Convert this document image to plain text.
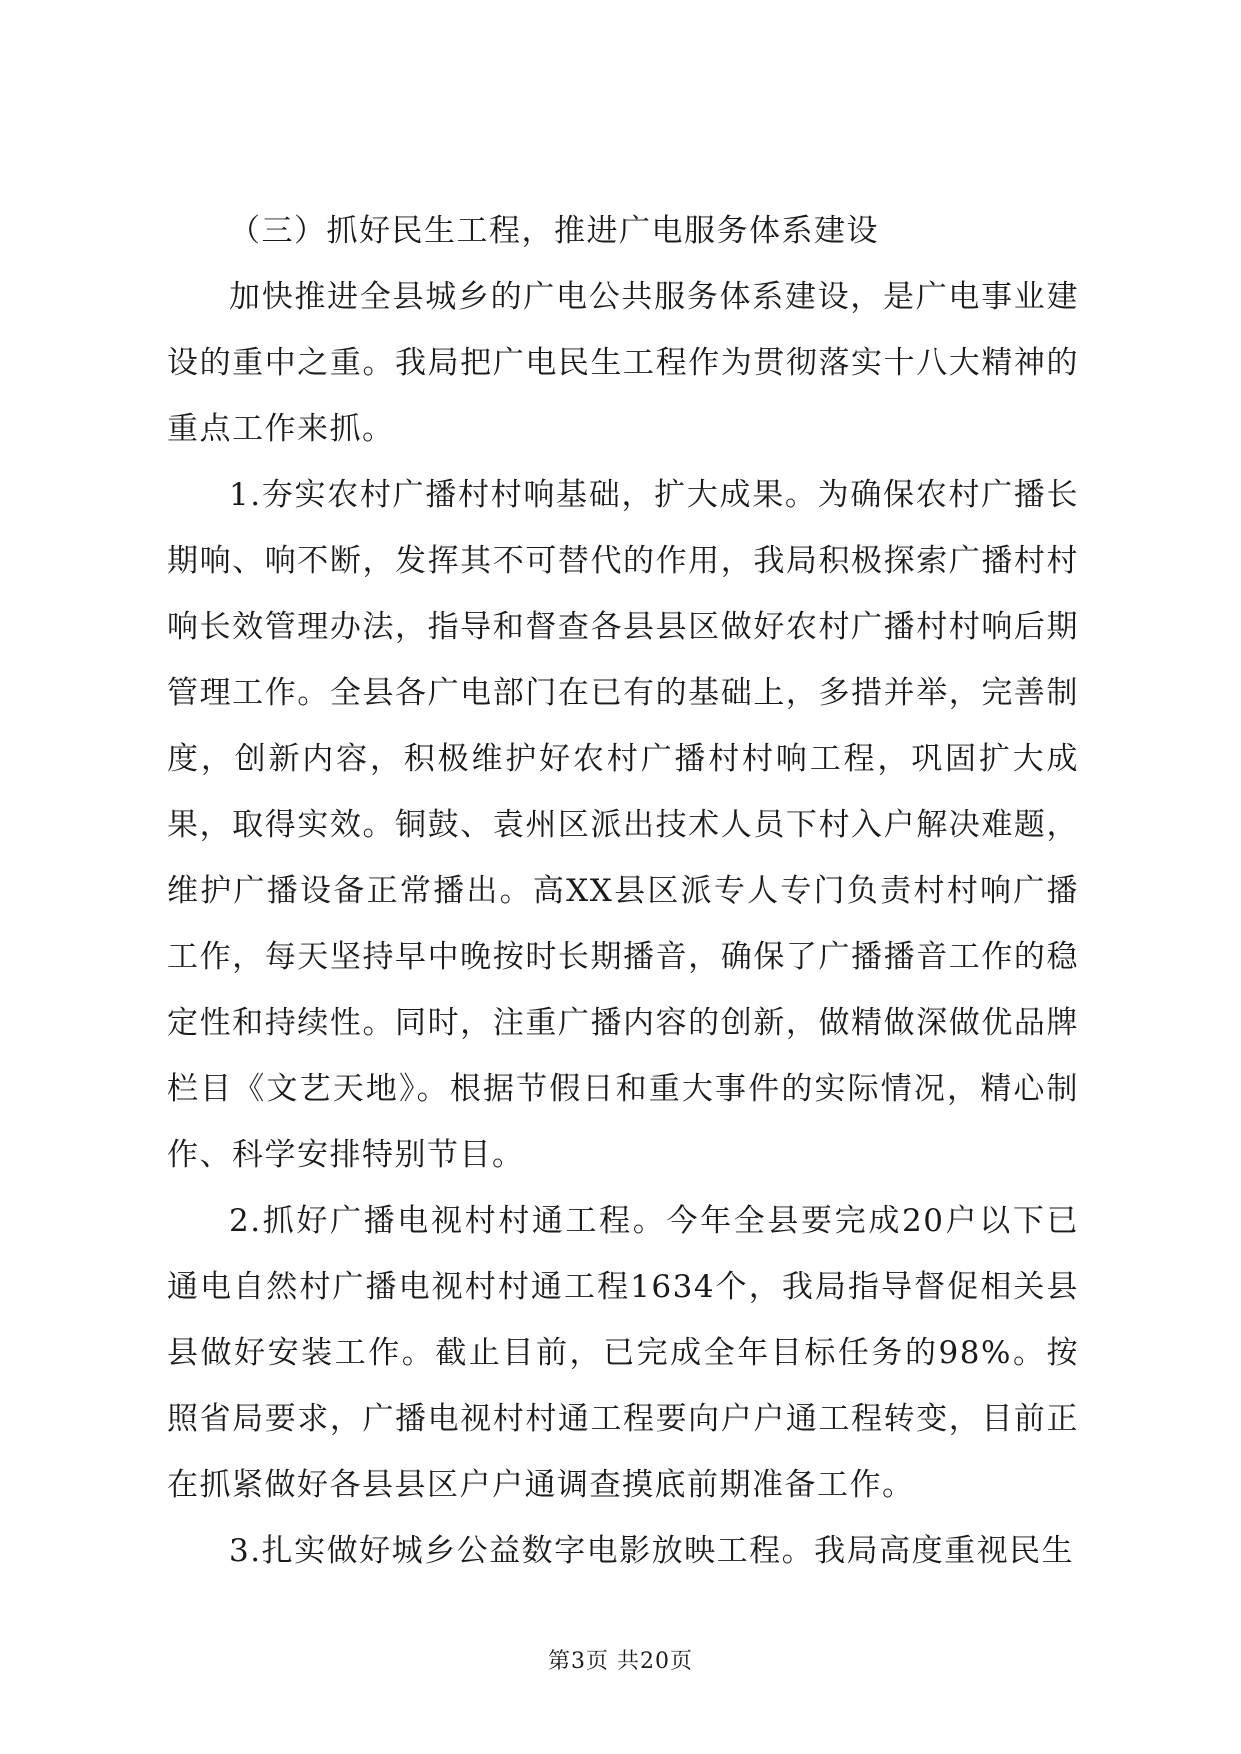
（三）抓好民生工程，推进广电服务体系建设

加快推进全县城乡的广电公共服务体系建设，是广电事业建设的重中之重。我局把广电民生工程作为贯彻落实十八大精神的重点工作来抓。

1.夯实农村广播村村响基础，扩大成果。为确保农村广播长期响、响不断，发挥其不可替代的作用，我局积极探索广播村村响长效管理办法，指导和督查各县县区做好农村广播村村响后期管理工作。全县各广电部门在已有的基础上，多措并举，完善制度，创新内容，积极维护好农村广播村村响工程，巩固扩大成果，取得实效。铜鼓、袁州区派出技术人员下村入户解决难题，维护广播设备正常播出。高XX县区派专人专门负责村村响广播工作，每天坚持早中晚按时长期播音，确保了广播播音工作的稳定性和持续性。同时，注重广播内容的创新，做精做深做优品牌栏目《文艺天地》。根据节假日和重大事件的实际情况，精心制作、科学安排特别节目。

2.抓好广播电视村村通工程。今年全县要完成20户以下已通电自然村广播电视村村通工程1634个，我局指导督促相关县县做好安装工作。截止目前，已完成全年目标任务的98%。按照省局要求，广播电视村村通工程要向户户通工程转变，目前正在抓紧做好各县县区户户通调查摸底前期准备工作。

3.扎实做好城乡公益数字电影放映工程。我局高度重视民生

第3页 共20页
